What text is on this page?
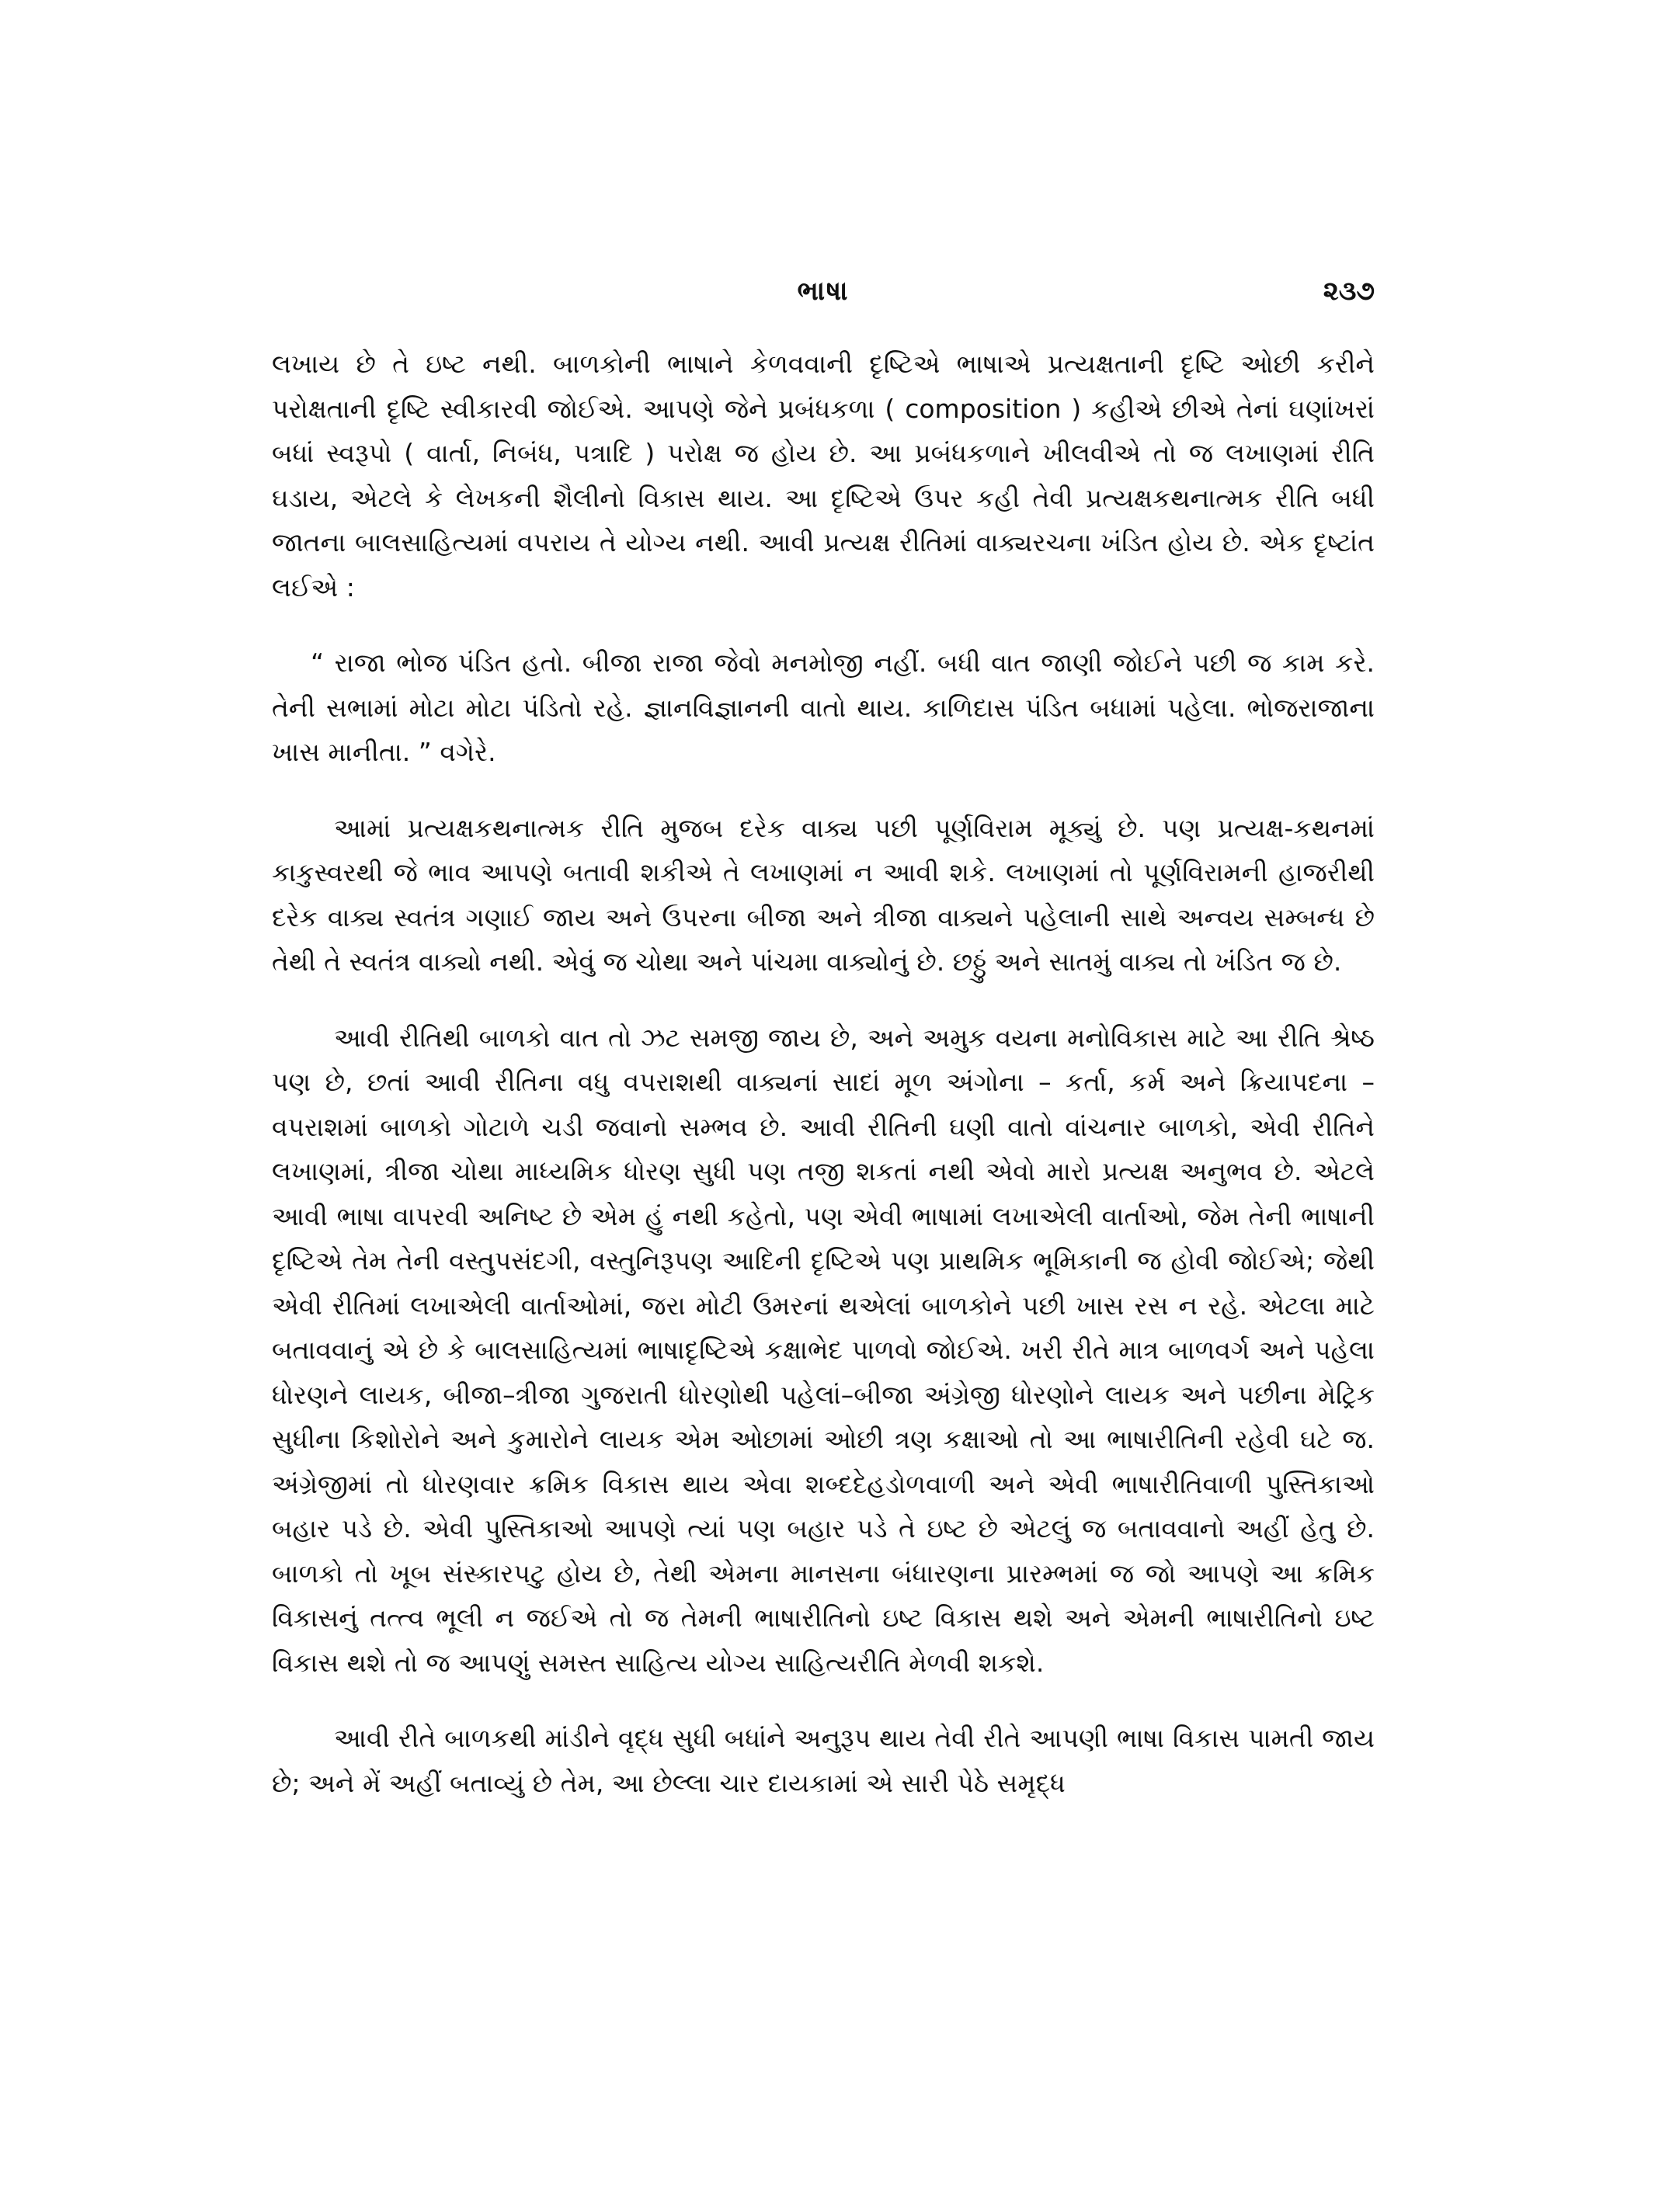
ભાષા	૨૩૭

લખાય છે તે ઇષ્ટ નથી. બાળકોની ભાષાને કેળવવાની દૃષ્ટિએ ભાષાએ પ્રત્યક્ષતાની દૃષ્ટિ ઓછી કરીને પરોક્ષતાની દૃષ્ટિ સ્વીકારવી જોઈએ. આપણે જેને પ્રબંધકળા ( composition ) કહીએ છીએ તેનાં ઘણાંખરાં બધાં સ્વરૂપો ( વાર્તા, નિબંધ, પત્રાદિ ) પરોક્ષ જ હોય છે. આ પ્રબંધકળાને ખીલવીએ તો જ લખાણમાં રીતિ ઘડાય, એટલે કે લેખકની શૈલીનો વિકાસ થાય. આ દૃષ્ટિએ ઉપર કહી તેવી પ્રત્યક્ષકથનાત્મક રીતિ બધી જાતના બાલસાહિત્યમાં વપરાય તે યોગ્ય નથી. આવી પ્રત્યક્ષ રીતિમાં વાક્યરચના ખંડિત હોય છે. એક દૃષ્ટાંત લઈએ :

“ રાજા ભોજ પંડિત હતો. બીજા રાજા જેવો મનમોજી નહીં. બધી વાત જાણી જોઈને પછી જ કામ કરે. તેની સભામાં મોટા મોટા પંડિતો રહે. જ્ઞાનવિજ્ઞાનની વાતો થાય. કાળિદાસ પંડિત બધામાં પહેલા. ભોજરાજાના ખાસ માનીતા. ” વગેરે.

આમાં પ્રત્યક્ષકથનાત્મક રીતિ મુજબ દરેક વાક્ય પછી પૂર્ણવિરામ મૂક્યું છે. પણ પ્રત્યક્ષ-કથનમાં કાકુસ્વરથી જે ભાવ આપણે બતાવી શકીએ તે લખાણમાં ન આવી શકે. લખાણમાં તો પૂર્ણવિરામની હાજરીથી દરેક વાક્ય સ્વતંત્ર ગણાઈ જાય અને ઉપરના બીજા અને ત્રીજા વાક્યને પહેલાની સાથે અન્વય સમ્બન્ધ છે તેથી તે સ્વતંત્ર વાક્યો નથી. એવું જ ચોથા અને પાંચમા વાક્યોનું છે. છઠ્ઠું અને સાતમું વાક્ય તો ખંડિત જ છે.

આવી રીતિથી બાળકો વાત તો ઝટ સમજી જાય છે, અને અમુક વયના મનોવિકાસ માટે આ રીતિ શ્રેષ્ઠ પણ છે, છતાં આવી રીતિના વધુ વપરાશથી વાક્યનાં સાદાં મૂળ અંગોના – કર્તા, કર્મ અને ક્રિયાપદના – વપરાશમાં બાળકો ગોટાળે ચડી જવાનો સમ્ભવ છે. આવી રીતિની ઘણી વાતો વાંચનાર બાળકો, એવી રીતિને લખાણમાં, ત્રીજા ચોથા માધ્યમિક ધોરણ સુધી પણ તજી શકતાં નથી એવો મારો પ્રત્યક્ષ અનુભવ છે. એટલે આવી ભાષા વાપરવી અનિષ્ટ છે એમ હું નથી કહેતો, પણ એવી ભાષામાં લખાએલી વાર્તાઓ, જેમ તેની ભાષાની દૃષ્ટિએ તેમ તેની વસ્તુપસંદગી, વસ્તુનિરૂપણ આદિની દૃષ્ટિએ પણ પ્રાથમિક ભૂમિકાની જ હોવી જોઈએ; જેથી એવી રીતિમાં લખાએલી વાર્તાઓમાં, જરા મોટી ઉમરનાં થએલાં બાળકોને પછી ખાસ રસ ન રહે. એટલા માટે બતાવવાનું એ છે કે બાલસાહિત્યમાં ભાષાદૃષ્ટિએ કક્ષાભેદ પાળવો જોઈએ. ખરી રીતે માત્ર બાળવર્ગ અને પહેલા ધોરણને લાયક, બીજા–ત્રીજા ગુજરાતી ધોરણોથી પહેલાં–બીજા અંગ્રેજી ધોરણોને લાયક અને પછીના મેટ્રિક સુધીના કિશોરોને અને કુમારોને લાયક એમ ઓછામાં ઓછી ત્રણ કક્ષાઓ તો આ ભાષારીતિની રહેવી ઘટે જ. અંગ્રેજીમાં તો ધોરણવાર ક્રમિક વિકાસ થાય એવા શબ્દદેહડોળવાળી અને એવી ભાષારીતિવાળી પુસ્તિકાઓ બહાર પડે છે. એવી પુસ્તિકાઓ આપણે ત્યાં પણ બહાર પડે તે ઇષ્ટ છે એટલું જ બતાવવાનો અહીં હેતુ છે. બાળકો તો ખૂબ સંસ્કારપટુ હોય છે, તેથી એમના માનસના બંધારણના પ્રારમ્ભમાં જ જો આપણે આ ક્રમિક વિકાસનું તત્ત્વ ભૂલી ન જઈએ તો જ તેમની ભાષારીતિનો ઇષ્ટ વિકાસ થશે અને એમની ભાષારીતિનો ઇષ્ટ વિકાસ થશે તો જ આપણું સમસ્ત સાહિત્ય યોગ્ય સાહિત્યરીતિ મેળવી શકશે.

આવી રીતે બાળકથી માંડીને વૃદ્ધ સુધી બધાંને અનુરૂપ થાય તેવી રીતે આપણી ભાષા વિકાસ પામતી જાય છે; અને મેં અહીં બતાવ્યું છે તેમ, આ છેલ્લા ચાર દાયકામાં એ સારી પેઠે સમૃદ્ધ
